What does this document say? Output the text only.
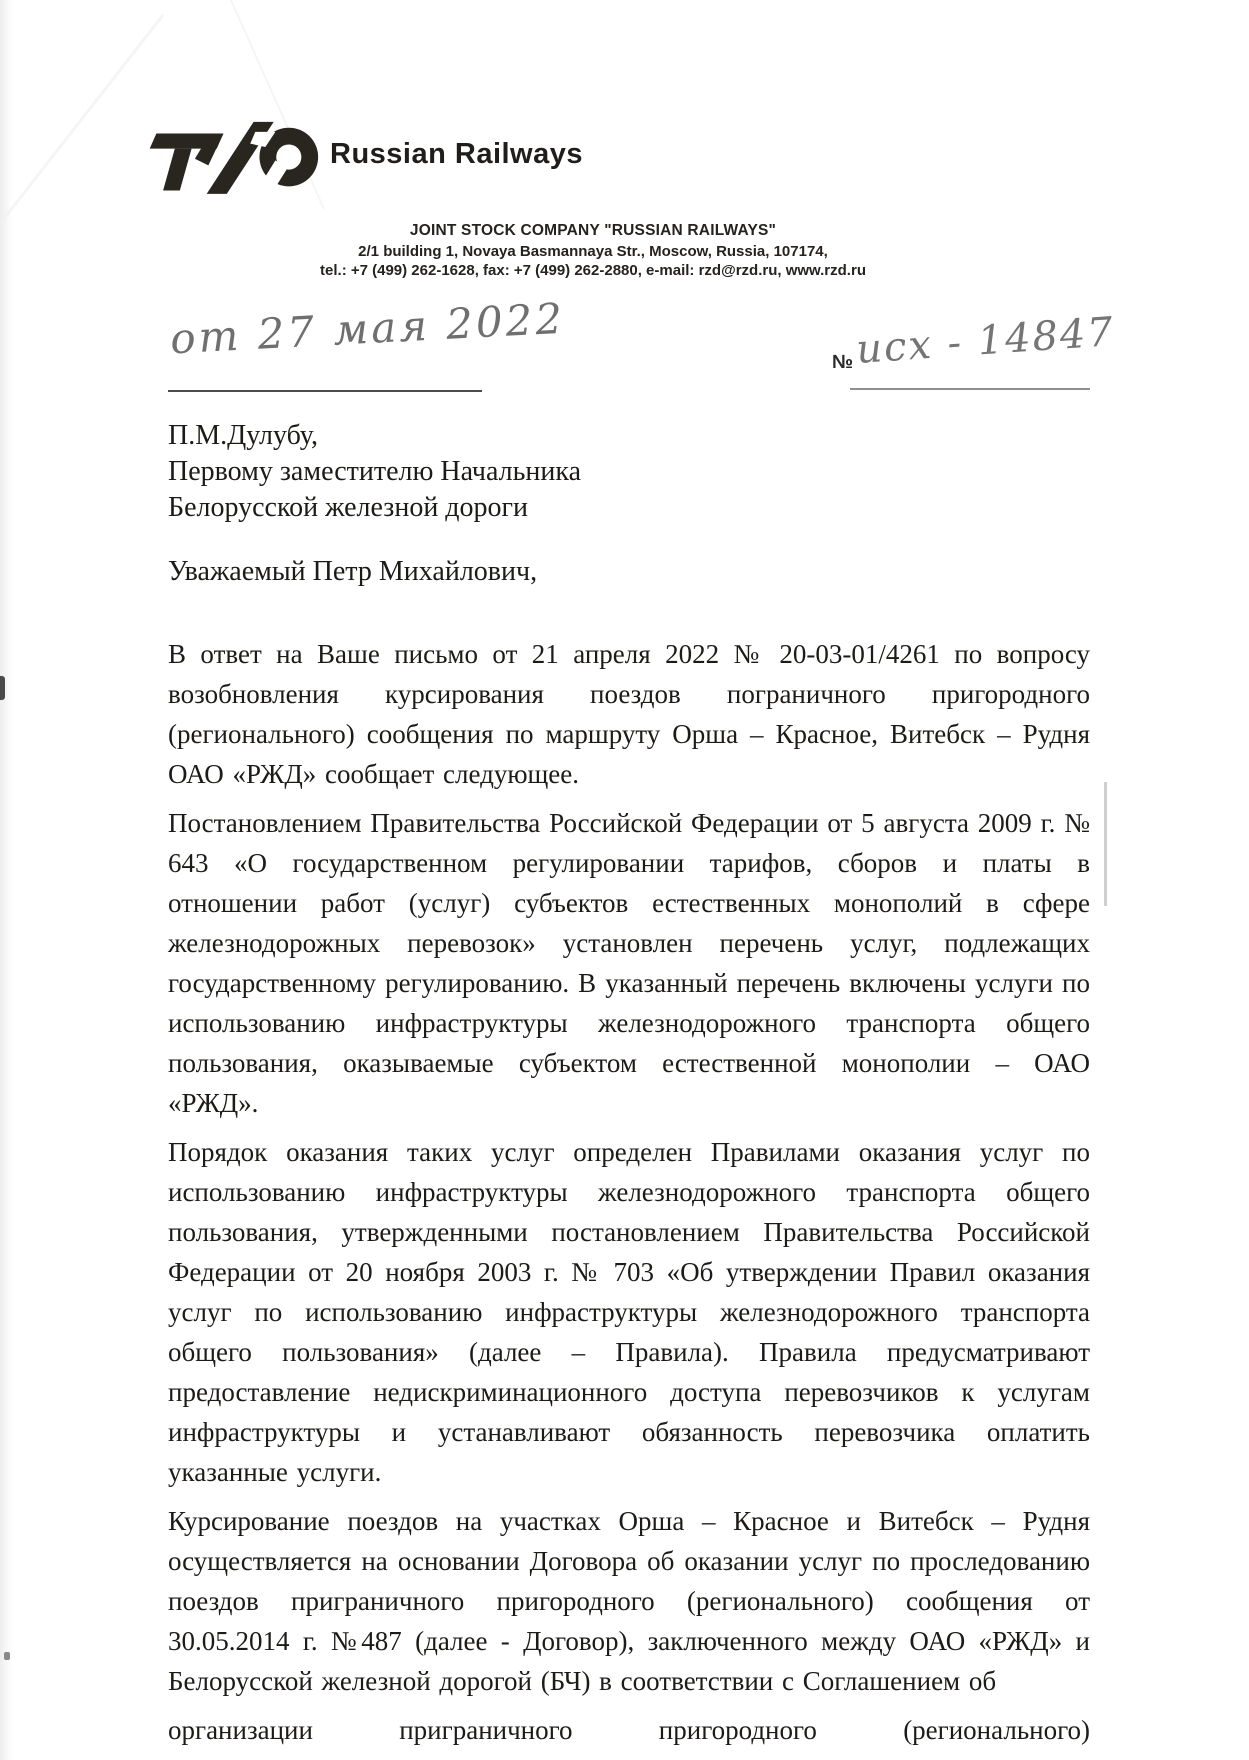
Russian Railways
JOINT STOCK COMPANY "RUSSIAN RAILWAYS"
2/1 building 1, Novaya Basmannaya Str., Moscow, Russia, 107174,
tel.: +7 (499) 262-1628, fax: +7 (499) 262-2880, e-mail: rzd@rzd.ru, www.rzd.ru
от 27 мая 2022	№ исх - 14847
П.М.Дулубу,
Первому заместителю Начальника
Белорусской железной дороги
Уважаемый Петр Михайлович,

В ответ на Ваше письмо от 21 апреля 2022 № 20-03-01/4261 по вопросу возобновления курсирования поездов пограничного пригородного (регионального) сообщения по маршруту Орша – Красное, Витебск – Рудня ОАО «РЖД» сообщает следующее.

Постановлением Правительства Российской Федерации от 5 августа 2009 г. № 643 «О государственном регулировании тарифов, сборов и платы в отношении работ (услуг) субъектов естественных монополий в сфере железнодорожных перевозок» установлен перечень услуг, подлежащих государственному регулированию. В указанный перечень включены услуги по использованию инфраструктуры железнодорожного транспорта общего пользования, оказываемые субъектом естественной монополии – ОАО «РЖД».

Порядок оказания таких услуг определен Правилами оказания услуг по использованию инфраструктуры железнодорожного транспорта общего пользования, утвержденными постановлением Правительства Российской Федерации от 20 ноября 2003 г. № 703 «Об утверждении Правил оказания услуг по использованию инфраструктуры железнодорожного транспорта общего пользования» (далее – Правила). Правила предусматривают предоставление недискриминационного доступа перевозчиков к услугам инфраструктуры и устанавливают обязанность перевозчика оплатить указанные услуги.

Курсирование поездов на участках Орша – Красное и Витебск – Рудня осуществляется на основании Договора об оказании услуг по проследованию поездов приграничного пригородного (регионального) сообщения от 30.05.2014 г. №487 (далее - Договор), заключенного между ОАО «РЖД» и Белорусской железной дорогой (БЧ) в соответствии с Соглашением об

организации	приграничного	пригородного	(регионального)
